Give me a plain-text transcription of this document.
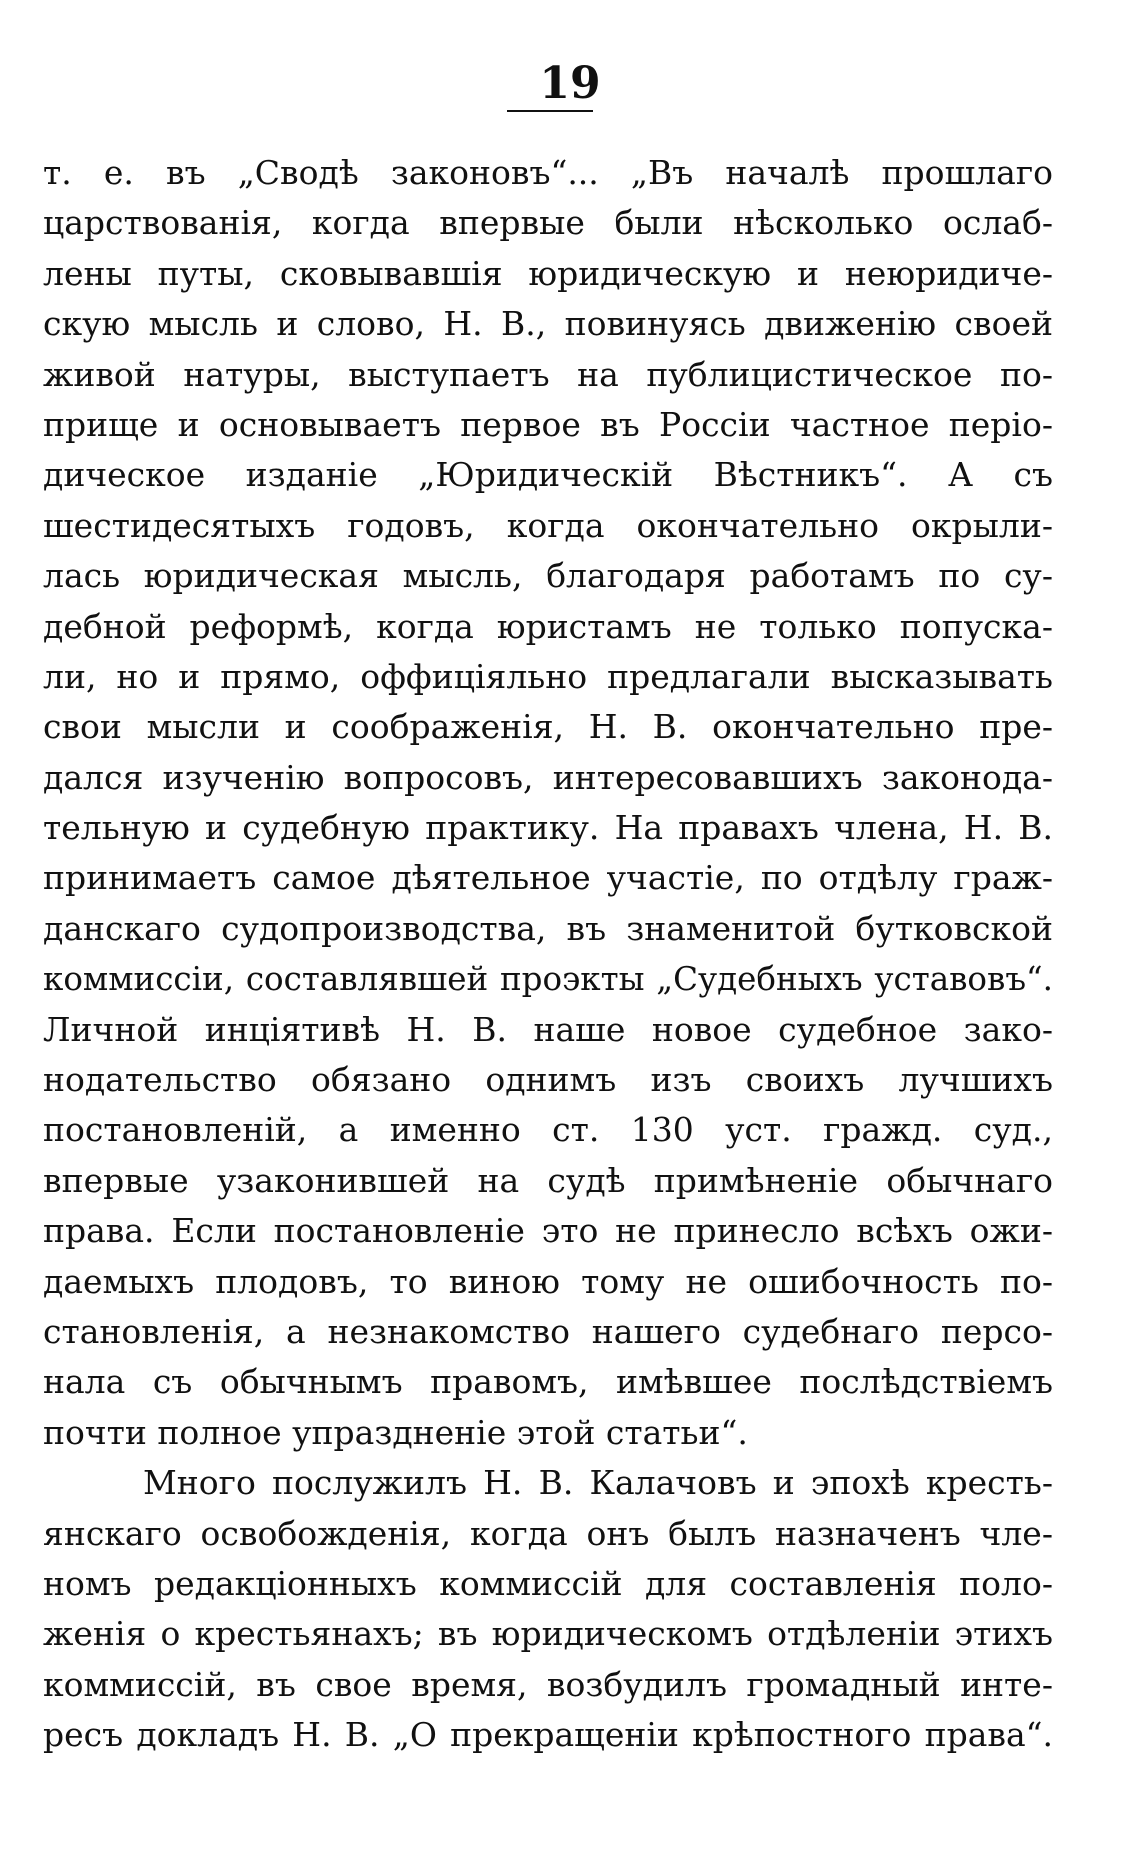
19
т. е. въ „Сводѣ законовъ“... „Въ началѣ прошлаго
царствованія, когда впервые были нѣсколько ослаб-
лены путы, сковывавшія юридическую и неюридиче-
скую мысль и слово, Н. В., повинуясь движенію своей
живой натуры, выступаетъ на публицистическое по-
прище и основываетъ первое въ Россіи частное періо-
дическое изданіе „Юридическій Вѣстникъ“. А съ
шестидесятыхъ годовъ, когда окончательно окрыли-
лась юридическая мысль, благодаря работамъ по су-
дебной реформѣ, когда юристамъ не только попуска-
ли, но и прямо, оффиціяльно предлагали высказывать
свои мысли и соображенія, Н. В. окончательно пре-
дался изученію вопросовъ, интересовавшихъ законода-
тельную и судебную практику. На правахъ члена, Н. В.
принимаетъ самое дѣятельное участіе, по отдѣлу граж-
данскаго судопроизводства, въ знаменитой бутковской
коммиссіи, составлявшей проэкты „Судебныхъ уставовъ“.
Личной инціятивѣ Н. В. наше новое судебное зако-
нодательство обязано однимъ изъ своихъ лучшихъ
постановленій, а именно ст. 130 уст. гражд. суд.,
впервые узаконившей на судѣ примѣненіе обычнаго
права. Если постановленіе это не принесло всѣхъ ожи-
даемыхъ плодовъ, то виною тому не ошибочность по-
становленія, а незнакомство нашего судебнаго персо-
нала съ обычнымъ правомъ, имѣвшее послѣдствіемъ
почти полное упраздненіе этой статьи“.
Много послужилъ Н. В. Калачовъ и эпохѣ кресть-
янскаго освобожденія, когда онъ былъ назначенъ чле-
номъ редакціонныхъ коммиссій для составленія поло-
женія о крестьянахъ; въ юридическомъ отдѣленіи этихъ
коммиссій, въ свое время, возбудилъ громадный инте-
ресъ докладъ Н. В. „О прекращеніи крѣпостного права“.
